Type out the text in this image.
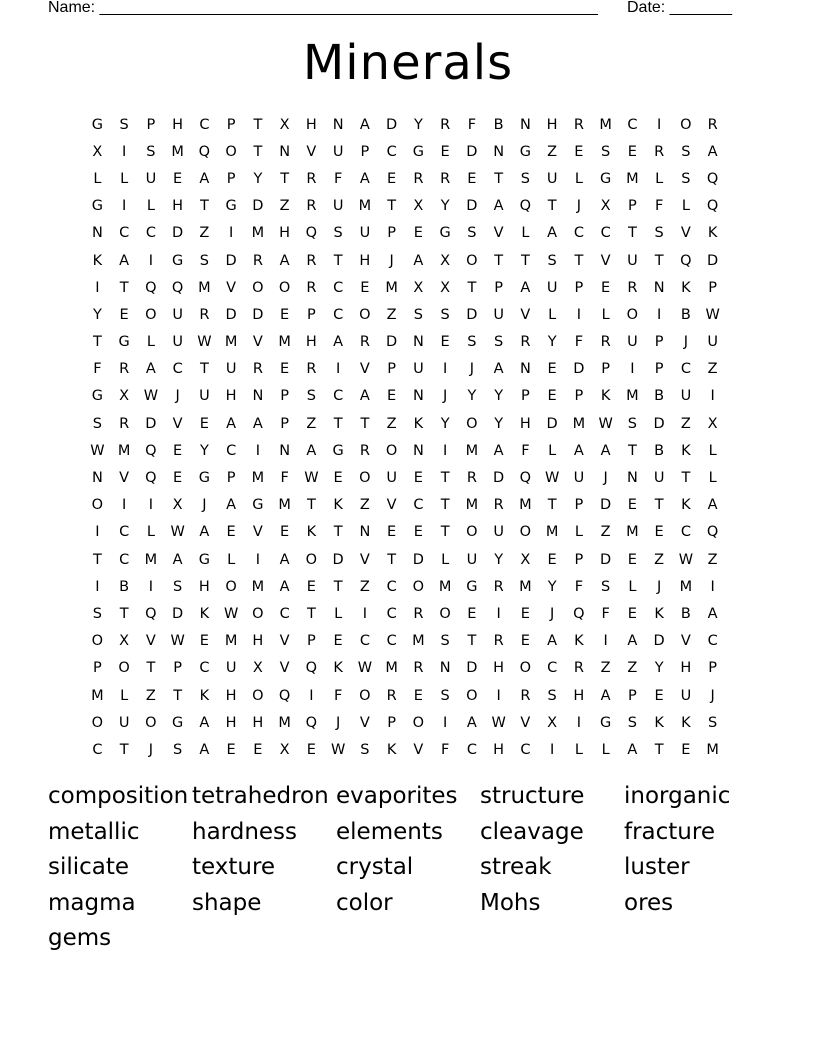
Name: ________________________________________________________ Date: _______
Minerals
G	S	P	H	C	P	T	X	H	N	A	D	Y	R	F	B	N	H	R	M	C	I	O	R
X	I	S	M	Q	O	T	N	V	U	P	C	G	E	D	N	G	Z	E	S	E	R	S	A
L	L	U	E	A	P	Y	T	R	F	A	E	R	R	E	T	S	U	L	G	M	L	S	Q
G	I	L	H	T	G	D	Z	R	U	M	T	X	Y	D	A	Q	T	J	X	P	F	L	Q
N	C	C	D	Z	I	M	H	Q	S	U	P	E	G	S	V	L	A	C	C	T	S	V	K
K	A	I	G	S	D	R	A	R	T	H	J	A	X	O	T	T	S	T	V	U	T	Q	D
I	T	Q	Q	M	V	O	O	R	C	E	M	X	X	T	P	A	U	P	E	R	N	K	P
Y	E	O	U	R	D	D	E	P	C	O	Z	S	S	D	U	V	L	I	L	O	I	B	W
T	G	L	U W M	V	M	H	A	R	D	N	E	S	S	R	Y	F	R	U	P	J	U
F	R	A	C	T	U	R	E	R	I	V	P	U	I	J	A	N	E	D	P	I	P	C	Z
G	X	W	J	U	H	N	P	S	C	A	E	N	J	Y	Y	P	E	P	K	M	B	U	I
S	R	D	V	E	A	A	P	Z	T	T	Z	K	Y	O	Y	H	D	M W	S	D	Z	X
W M	Q	E	Y	C	I	N	A	G	R	O	N	I	M	A	F	L	A	A	T	B	K	L
N	V	Q	E	G	P	M	F	W	E	O	U	E	T	R	D	Q W U	J	N	U	T	L
O	I	I	X	J	A	G	M	T	K	Z	V	C	T	M	R	M	T	P	D	E	T	K	A
I	C	L	W	A	E	V	E	K	T	N	E	E	T	O	U	O	M	L	Z	M	E	C	Q
T	C	M	A	G	L	I	A	O	D	V	T	D	L	U	Y	X	E	P	D	E	Z	W	Z
I	B	I	S	H	O	M	A	E	T	Z	C	O	M	G	R	M	Y	F	S	L	J	M	I
S	T	Q	D	K	W O	C	T	L	I	C	R	O	E	I	E	J	Q	F	E	K	B	A
O	X	V	W	E	M	H	V	P	E	C	C	M	S	T	R	E	A	K	I	A	D	V	C
P	O	T	P	C	U	X	V	Q	K	W M	R	N	D	H	O	C	R	Z	Z	Y	H	P
M	L	Z	T	K	H	O	Q	I	F	O	R	E	S	O	I	R	S	H	A	P	E	U	J
O	U	O	G	A	H	H	M	Q	J	V	P	O	I	A	W	V	X	I	G	S	K	K	S
C	T	J	S	A	E	E	X	E	W	S	K	V	F	C	H	C	I	L	L	A	T	E	M
composition tetrahedron evaporites structure	inorganic
metallic	hardness	elements	cleavage	fracture
silicate	texture	crystal	streak	luster
magma	shape	color	Mohs	ores
gems
